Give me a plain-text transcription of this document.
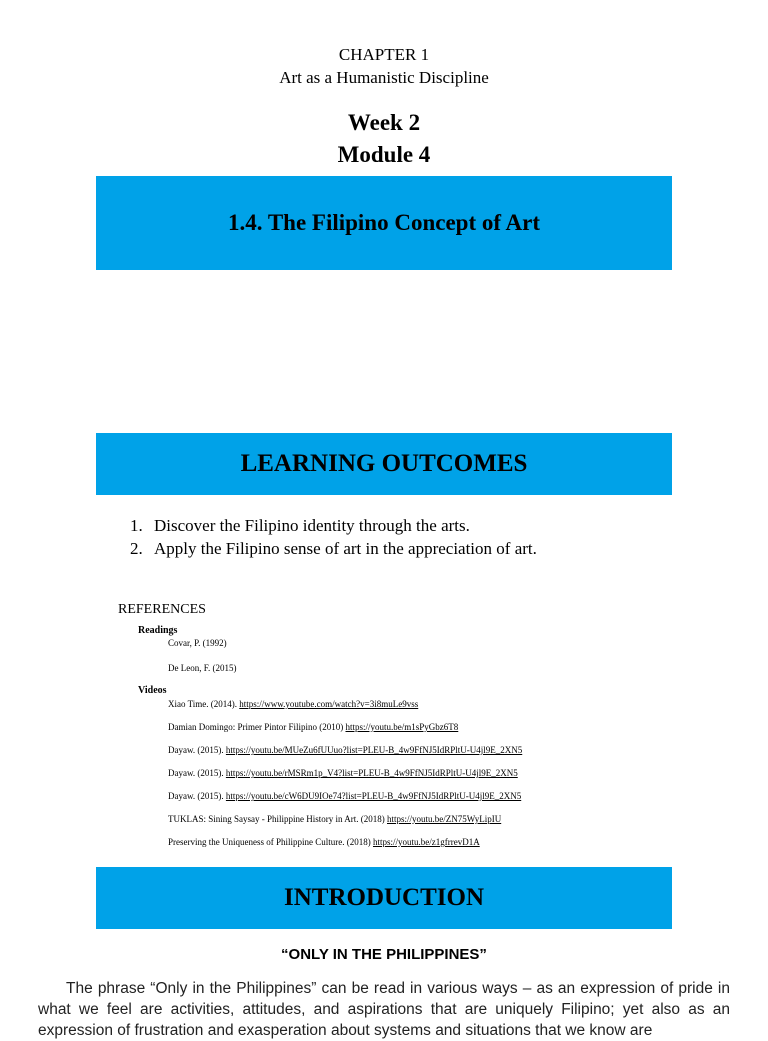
CHAPTER 1
Art as a Humanistic Discipline
Week 2
Module 4
1.4. The Filipino Concept of Art
LEARNING OUTCOMES
1. Discover the Filipino identity through the arts.
2. Apply the Filipino sense of art in the appreciation of art.
REFERENCES
Readings
Covar, P. (1992)
De Leon, F. (2015)
Videos
Xiao Time. (2014). https://www.youtube.com/watch?v=3i8muLe9vss
Damian Domingo: Primer Pintor Filipino (2010) https://youtu.be/m1sPyGbz6T8
Dayaw. (2015). https://youtu.be/MUeZu6fUUuo?list=PLEU-B_4w9FfNJ5IdRPltU-U4jl9E_2XN5
Dayaw. (2015). https://youtu.be/rMSRm1p_V4?list=PLEU-B_4w9FfNJ5IdRPltU-U4jl9E_2XN5
Dayaw. (2015). https://youtu.be/cW6DU9IOe74?list=PLEU-B_4w9FfNJ5IdRPltU-U4jl9E_2XN5
TUKLAS: Sining Saysay - Philippine History in Art. (2018) https://youtu.be/ZN75WyLipIU
Preserving the Uniqueness of Philippine Culture. (2018) https://youtu.be/z1gfrrevD1A
INTRODUCTION
“ONLY IN THE PHILIPPINES”
The phrase “Only in the Philippines” can be read in various ways – as an expression of pride in what we feel are activities, attitudes, and aspirations that are uniquely Filipino; yet also as an expression of frustration and exasperation about systems and situations that we know are
